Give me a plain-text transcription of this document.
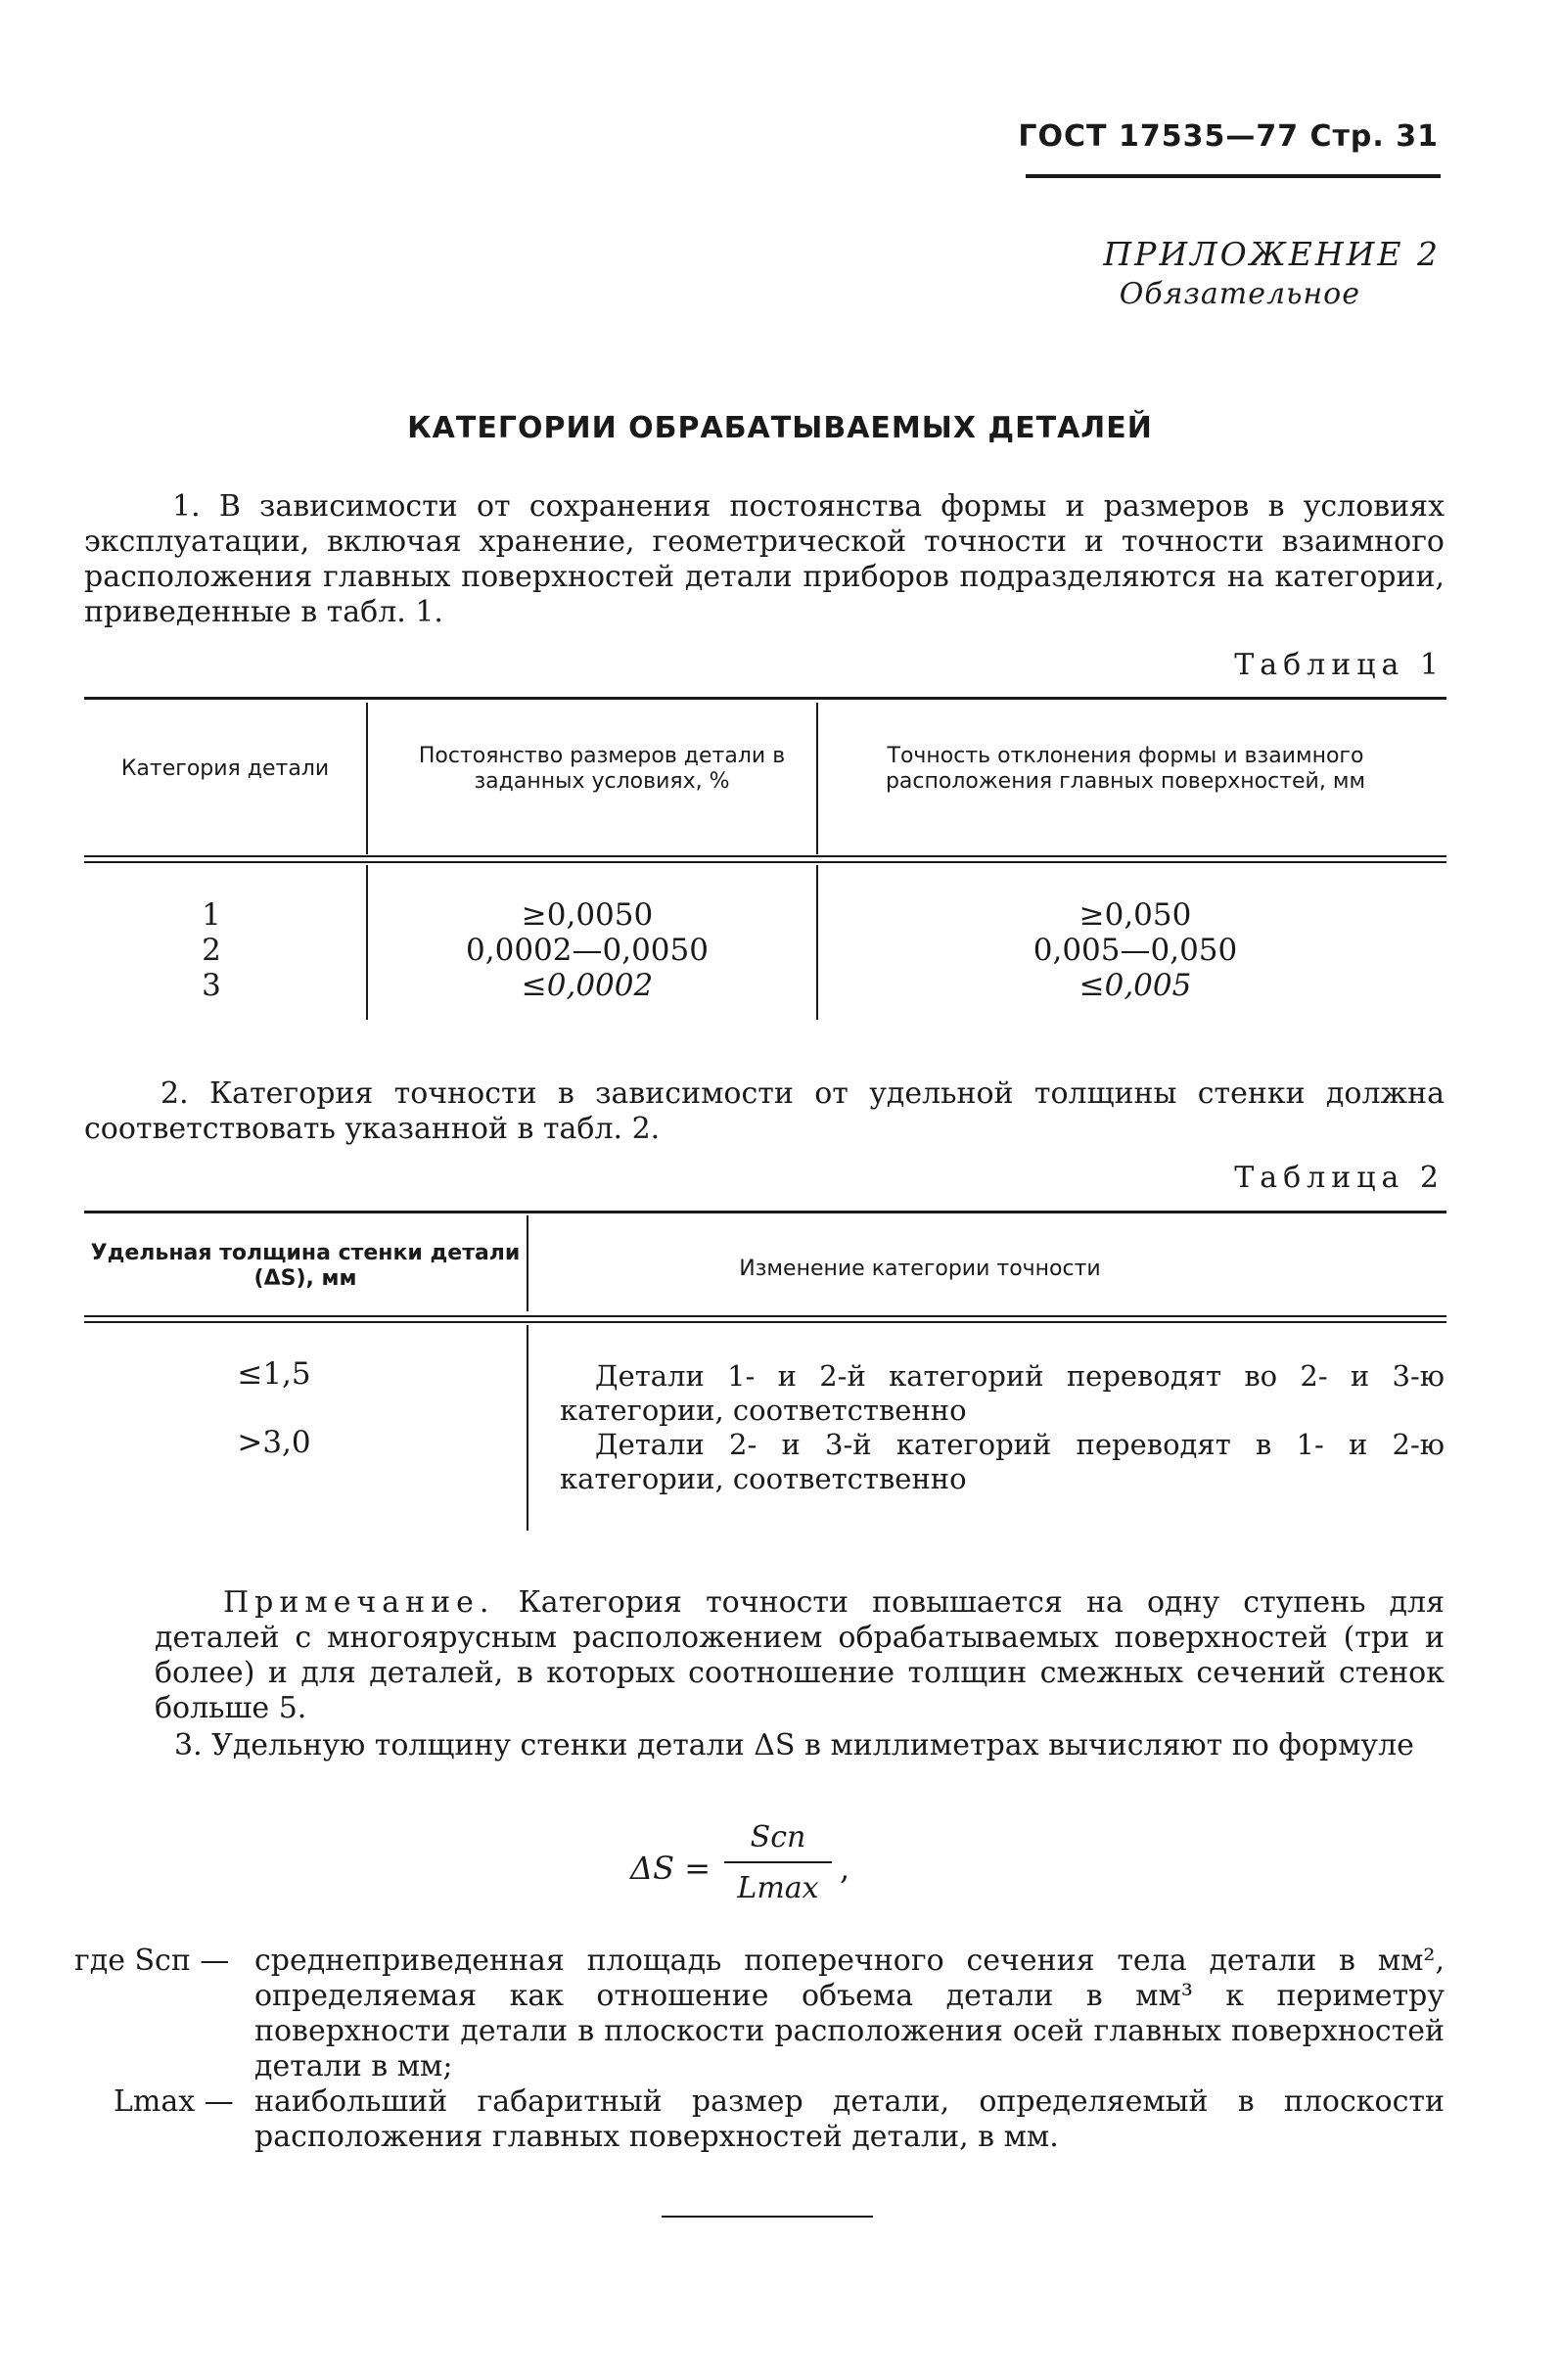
ГОСТ 17535—77 Стр. 31
ПРИЛОЖЕНИЕ 2
Обязательное
КАТЕГОРИИ ОБРАБАТЫВАЕМЫХ ДЕТАЛЕЙ
1. В зависимости от сохранения постоянства формы и размеров в условиях эксплуатации, включая хранение, геометрической точности и точности взаимного расположения главных поверхностей детали приборов подразделяются на категории, приведенные в табл. 1.
Таблица 1
Категория детали
Постоянство размеров детали в заданных условиях, %
Точность отклонения формы и взаимного расположения главных поверхностей, мм
1
2
3
≥0,0050
0,0002—0,0050
≤0,0002
≥0,050
0,005—0,050
≤0,005
2. Категория точности в зависимости от удельной толщины стенки должна соответствовать указанной в табл. 2.
Таблица 2
Удельная толщина стенки детали (ΔS), мм	Изменение категории точности
≤1,5
>3,0
Детали 1- и 2-й категорий переводят во 2- и 3-ю категории, соответственно
Детали 2- и 3-й категорий переводят в 1- и 2-ю категории, соответственно
Примечание. Категория точности повышается на одну ступень для деталей с многоярусным расположением обрабатываемых поверхностей (три и более) и для деталей, в которых соотношение толщин смежных сечений стенок больше 5.
3. Удельную толщину стенки детали ΔS в миллиметрах вычисляют по формуле
ΔS =
Sсп
Lmax
,
где Sсп — среднеприведенная площадь поперечного сечения тела детали в мм², определяемая как отношение объема детали в мм³ к периметру поверхности детали в плоскости расположения осей главных поверхностей детали в мм;
Lmax — наибольший габаритный размер детали, определяемый в плоскости расположения главных поверхностей детали, в мм.
